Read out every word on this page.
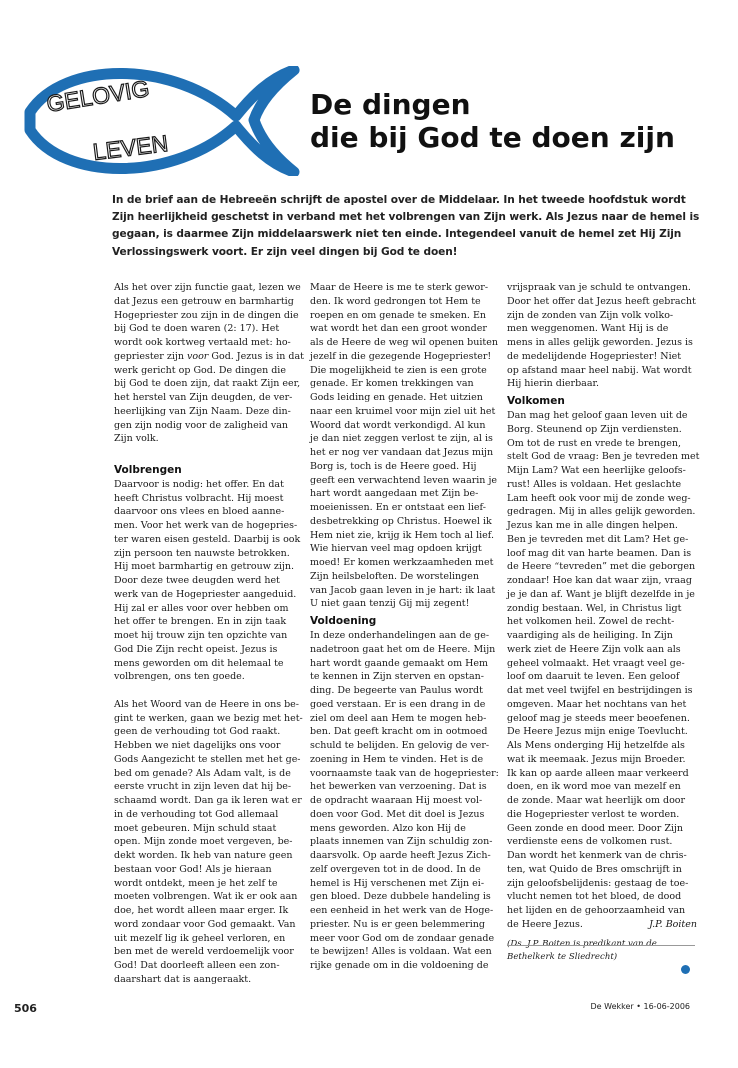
GELOVIG
LEVEN
De dingen
die bij God te doen zijn

In de brief aan de Hebreeën schrijft de apostel over de Middelaar. In het tweede hoofdstuk wordt Zijn heerlijkheid geschetst in verband met het volbrengen van Zijn werk. Als Jezus naar de hemel is gegaan, is daarmee Zijn middelaarswerk niet ten einde. Integendeel vanuit de hemel zet Hij Zijn Verlossingswerk voort. Er zijn veel dingen bij God te doen!

Als het over zijn functie gaat, lezen we
dat Jezus een getrouw en barmhartig
Hogepriester zou zijn in de dingen die
bij God te doen waren (2: 17). Het
wordt ook kortweg vertaald met: ho-
gepriester zijn voor God. Jezus is in dat
werk gericht op God. De dingen die
bij God te doen zijn, dat raakt Zijn eer,
het herstel van Zijn deugden, de ver-
heerlijking van Zijn Naam. Deze din-
gen zijn nodig voor de zaligheid van
Zijn volk.
Volbrengen
Daarvoor is nodig: het offer. En dat
heeft Christus volbracht. Hij moest
daarvoor ons vlees en bloed aanne-
men. Voor het werk van de hogepries-
ter waren eisen gesteld. Daarbij is ook
zijn persoon ten nauwste betrokken.
Hij moet barmhartig en getrouw zijn.
Door deze twee deugden werd het
werk van de Hogepriester aangeduid.
Hij zal er alles voor over hebben om
het offer te brengen. En in zijn taak
moet hij trouw zijn ten opzichte van
God Die Zijn recht opeist. Jezus is
mens geworden om dit helemaal te
volbrengen, ons ten goede.
Als het Woord van de Heere in ons be-
gint te werken, gaan we bezig met het-
geen de verhouding tot God raakt.
Hebben we niet dagelijks ons voor
Gods Aangezicht te stellen met het ge-
bed om genade? Als Adam valt, is de
eerste vrucht in zijn leven dat hij be-
schaamd wordt. Dan ga ik leren wat er
in de verhouding tot God allemaal
moet gebeuren. Mijn schuld staat
open. Mijn zonde moet vergeven, be-
dekt worden. Ik heb van nature geen
bestaan voor God! Als je hieraan
wordt ontdekt, meen je het zelf te
moeten volbrengen. Wat ik er ook aan
doe, het wordt alleen maar erger. Ik
word zondaar voor God gemaakt. Van
uit mezelf lig ik geheel verloren, en
ben met de wereld verdoemelijk voor
God! Dat doorleeft alleen een zon-
daarshart dat is aangeraakt.
Maar de Heere is me te sterk gewor-
den. Ik word gedrongen tot Hem te
roepen en om genade te smeken. En
wat wordt het dan een groot wonder
als de Heere de weg wil openen buiten
jezelf in die gezegende Hogepriester!
Die mogelijkheid te zien is een grote
genade. Er komen trekkingen van
Gods leiding en genade. Het uitzien
naar een kruimel voor mijn ziel uit het
Woord dat wordt verkondigd. Al kun
je dan niet zeggen verlost te zijn, al is
het er nog ver vandaan dat Jezus mijn
Borg is, toch is de Heere goed. Hij
geeft een verwachtend leven waarin je
hart wordt aangedaan met Zijn be-
moeienissen. En er ontstaat een lief-
desbetrekking op Christus. Hoewel ik
Hem niet zie, krijg ik Hem toch al lief.
Wie hiervan veel mag opdoen krijgt
moed! Er komen werkzaamheden met
Zijn heilsbeloften. De worstelingen
van Jacob gaan leven in je hart: ik laat
U niet gaan tenzij Gij mij zegent!
Voldoening
In deze onderhandelingen aan de ge-
nadetroon gaat het om de Heere. Mijn
hart wordt gaande gemaakt om Hem
te kennen in Zijn sterven en opstan-
ding. De begeerte van Paulus wordt
goed verstaan. Er is een drang in de
ziel om deel aan Hem te mogen heb-
ben. Dat geeft kracht om in ootmoed
schuld te belijden. En gelovig de ver-
zoening in Hem te vinden. Het is de
voornaamste taak van de hogepriester:
het bewerken van verzoening. Dat is
de opdracht waaraan Hij moest vol-
doen voor God. Met dit doel is Jezus
mens geworden. Alzo kon Hij de
plaats innemen van Zijn schuldig zon-
daarsvolk. Op aarde heeft Jezus Zich-
zelf overgeven tot in de dood. In de
hemel is Hij verschenen met Zijn ei-
gen bloed. Deze dubbele handeling is
een eenheid in het werk van de Hoge-
priester. Nu is er geen belemmering
meer voor God om de zondaar genade
te bewijzen! Alles is voldaan. Wat een
rijke genade om in die voldoening de
vrijspraak van je schuld te ontvangen.
Door het offer dat Jezus heeft gebracht
zijn de zonden van Zijn volk volko-
men weggenomen. Want Hij is de
mens in alles gelijk geworden. Jezus is
de medelijdende Hogepriester! Niet
op afstand maar heel nabij. Wat wordt
Hij hierin dierbaar.
Volkomen
Dan mag het geloof gaan leven uit de
Borg. Steunend op Zijn verdiensten.
Om tot de rust en vrede te brengen,
stelt God de vraag: Ben je tevreden met
Mijn Lam? Wat een heerlijke geloofs-
rust! Alles is voldaan. Het geslachte
Lam heeft ook voor mij de zonde weg-
gedragen. Mij in alles gelijk geworden.
Jezus kan me in alle dingen helpen.
Ben je tevreden met dit Lam? Het ge-
loof mag dit van harte beamen. Dan is
de Heere “tevreden” met die geborgen
zondaar! Hoe kan dat waar zijn, vraag
je je dan af. Want je blijft dezelfde in je
zondig bestaan. Wel, in Christus ligt
het volkomen heil. Zowel de recht-
vaardiging als de heiliging. In Zijn
werk ziet de Heere Zijn volk aan als
geheel volmaakt. Het vraagt veel ge-
loof om daaruit te leven. Een geloof
dat met veel twijfel en bestrijdingen is
omgeven. Maar het nochtans van het
geloof mag je steeds meer beoefenen.
De Heere Jezus mijn enige Toevlucht.
Als Mens onderging Hij hetzelfde als
wat ik meemaak. Jezus mijn Broeder.
Ik kan op aarde alleen maar verkeerd
doen, en ik word moe van mezelf en
de zonde. Maar wat heerlijk om door
die Hogepriester verlost te worden.
Geen zonde en dood meer. Door Zijn
verdienste eens de volkomen rust.
Dan wordt het kenmerk van de chris-
ten, wat Quido de Bres omschrijft in
zijn geloofsbelijdenis: gestaag de toe-
vlucht nemen tot het bloed, de dood
het lijden en de gehoorzaamheid van
de Heere Jezus.	J.P. Boiten
(Ds. J.P. Boiten is predikant van de
Bethelkerk te Sliedrecht)
506	De Wekker • 16-06-2006
